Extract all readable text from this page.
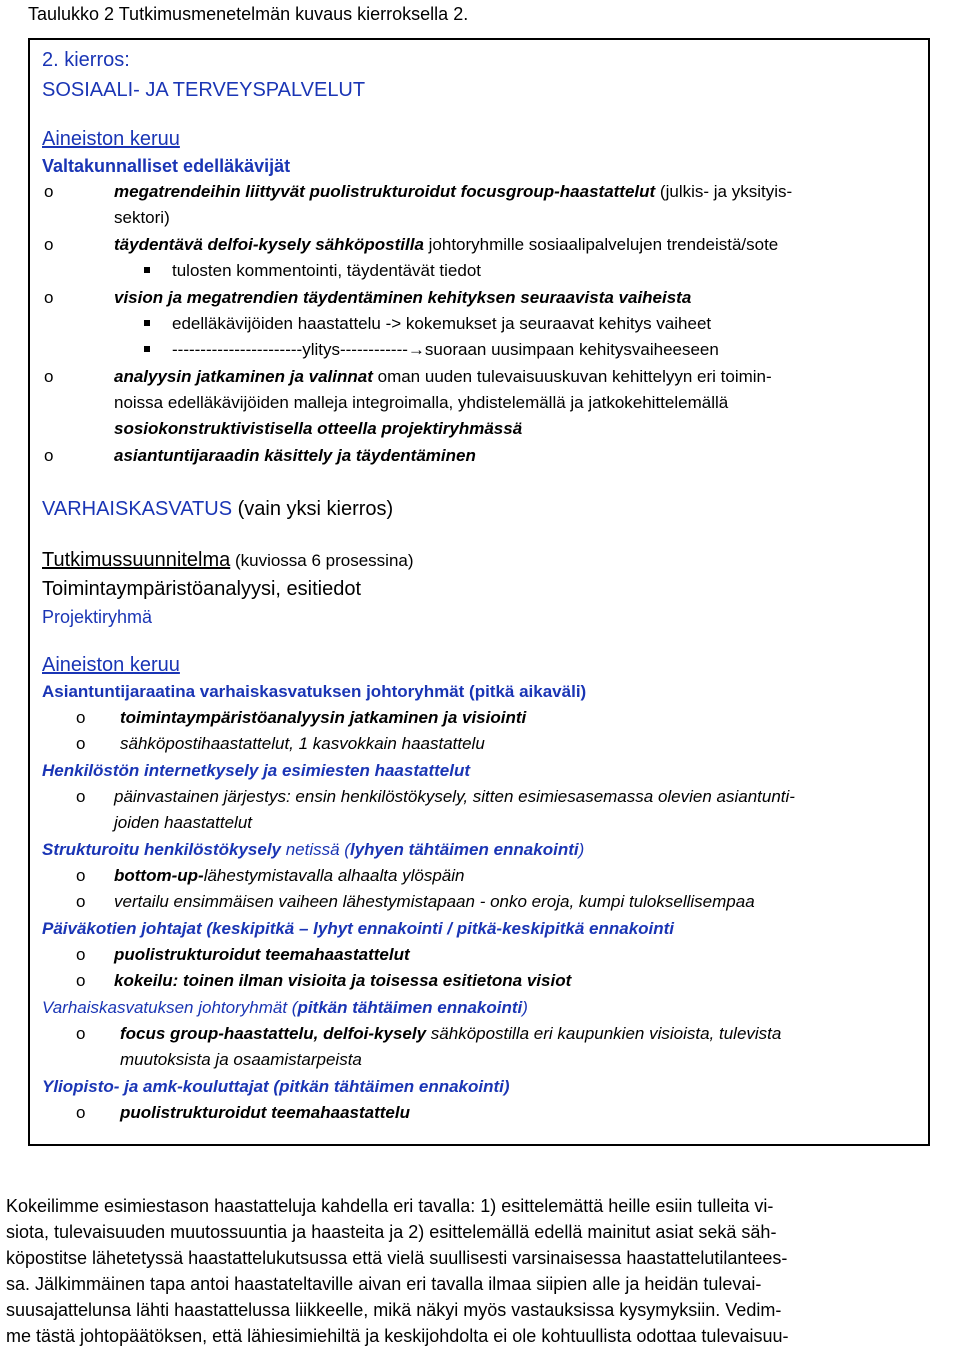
Taulukko 2 Tutkimusmenetelmän kuvaus kierroksella 2.
2. kierros:
SOSIAALI- JA TERVEYSPALVELUT
Aineiston keruu
Valtakunnalliset edelläkävijät
o	megatrendeihin liittyvät puolistrukturoidut focusgroup-haastattelut (julkis- ja yksityis-
sektori)
o	täydentävä delfoi-kysely sähköpostilla johtoryhmille sosiaalipalvelujen trendeistä/sote
tulosten kommentointi, täydentävät tiedot
o	vision ja megatrendien täydentäminen kehityksen seuraavista vaiheista
edelläkävijöiden haastattelu -> kokemukset ja seuraavat kehitys vaiheet
-----------------------ylitys------------→suoraan uusimpaan kehitysvaiheeseen
o	analyysin jatkaminen ja valinnat oman uuden tulevaisuuskuvan kehittelyyn eri toimin-
noissa edelläkävijöiden malleja integroimalla, yhdistelemällä ja jatkokehittelemällä
sosiokonstruktivistisella otteella projektiryhmässä
o	asiantuntijaraadin käsittely ja täydentäminen
VARHAISKASVATUS (vain yksi kierros)
Tutkimussuunnitelma (kuviossa 6 prosessina)
Toimintaympäristöanalyysi, esitiedot
Projektiryhmä
Aineiston keruu
Asiantuntijaraatina varhaiskasvatuksen johtoryhmät (pitkä aikaväli)
o toimintaympäristöanalyysin jatkaminen ja visiointi
o sähköpostihaastattelut, 1 kasvokkain haastattelu
Henkilöstön internetkysely ja esimiesten haastattelut
o päinvastainen järjestys: ensin henkilöstökysely, sitten esimiesasemassa olevien asiantunti-
joiden haastattelut
Strukturoitu henkilöstökysely netissä (lyhyen tähtäimen ennakointi)
o bottom-up-lähestymistavalla alhaalta ylöspäin
o vertailu ensimmäisen vaiheen lähestymistapaan - onko eroja, kumpi tuloksellisempaa
Päiväkotien johtajat (keskipitkä – lyhyt ennakointi / pitkä-keskipitkä ennakointi
o puolistrukturoidut teemahaastattelut
o kokeilu: toinen ilman visioita ja toisessa esitietona visiot
Varhaiskasvatuksen johtoryhmät (pitkän tähtäimen ennakointi)
o focus group-haastattelu, delfoi-kysely sähköpostilla eri kaupunkien visioista, tulevista
muutoksista ja osaamistarpeista
Yliopisto- ja amk-kouluttajat (pitkän tähtäimen ennakointi)
o puolistrukturoidut teemahaastattelu
Kokeilimme esimiestason haastatteluja kahdella eri tavalla: 1) esittelemättä heille esiin tulleita vi-
siota, tulevaisuuden muutossuuntia ja haasteita ja 2) esittelemällä edellä mainitut asiat sekä säh-
köpostitse lähetetyssä haastattelukutsussa että vielä suullisesti varsinaisessa haastattelutilantees-
sa. Jälkimmäinen tapa antoi haastateltaville aivan eri tavalla ilmaa siipien alle ja heidän tulevai-
suusajattelunsa lähti haastattelussa liikkeelle, mikä näkyi myös vastauksissa kysymyksiin. Vedim-
me tästä johtopäätöksen, että lähiesimiehiltä ja keskijohdolta ei ole kohtuullista odottaa tulevaisuu-
